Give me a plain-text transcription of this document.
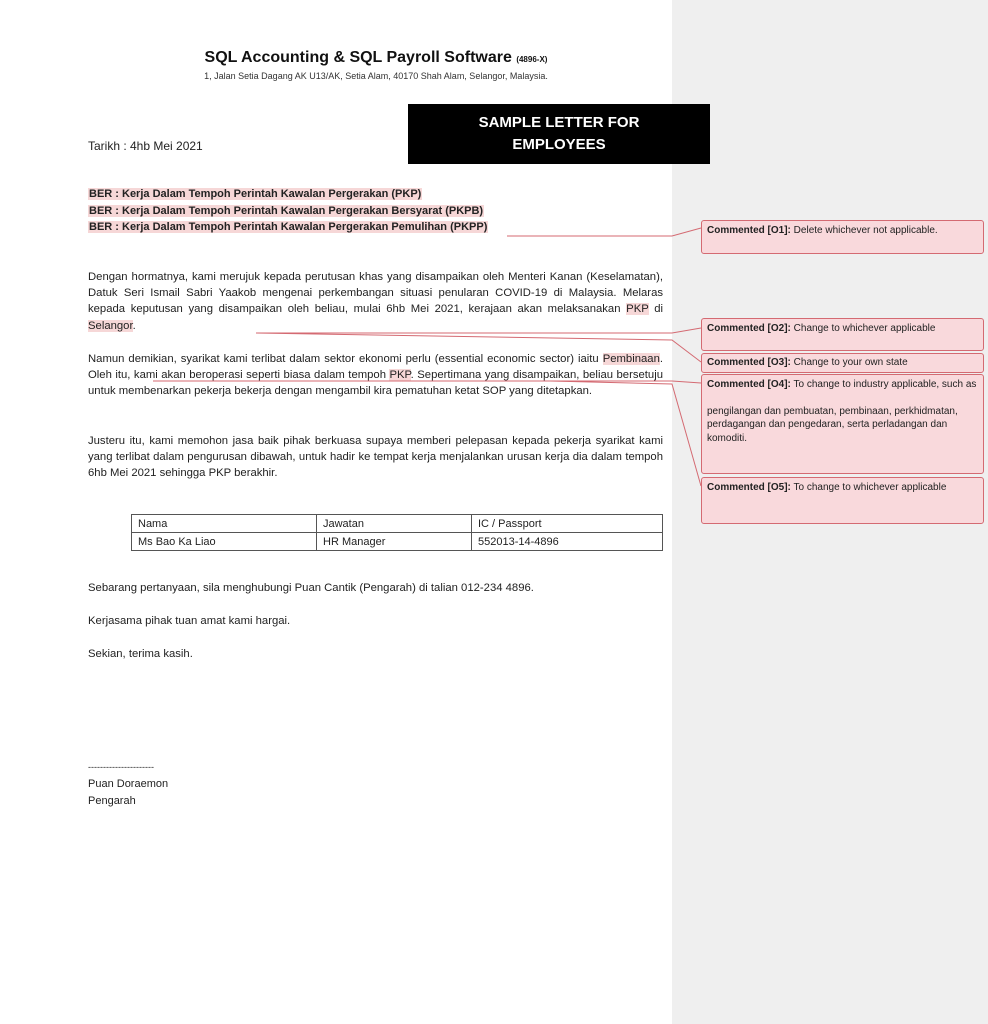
SQL Accounting & SQL Payroll Software (4896-X)
1, Jalan Setia Dagang AK U13/AK, Setia Alam, 40170 Shah Alam, Selangor, Malaysia.
SAMPLE LETTER FOR
EMPLOYEES
Tarikh : 4hb Mei 2021
BER : Kerja Dalam Tempoh Perintah Kawalan Pergerakan (PKP)
BER : Kerja Dalam Tempoh Perintah Kawalan Pergerakan Bersyarat (PKPB)
BER : Kerja Dalam Tempoh Perintah Kawalan Pergerakan Pemulihan (PKPP)
Dengan hormatnya, kami merujuk kepada perutusan khas yang disampaikan oleh Menteri Kanan (Keselamatan), Datuk Seri Ismail Sabri Yaakob mengenai perkembangan situasi penularan COVID-19 di Malaysia. Melaras kepada keputusan yang disampaikan oleh beliau, mulai 6hb Mei 2021, kerajaan akan melaksanakan PKP di Selangor.
Namun demikian, syarikat kami terlibat dalam sektor ekonomi perlu (essential economic sector) iaitu Pembinaan. Oleh itu, kami akan beroperasi seperti biasa dalam tempoh PKP. Sepertimana yang disampaikan, beliau bersetuju untuk membenarkan pekerja bekerja dengan mengambil kira pematuhan ketat SOP yang ditetapkan.
Justeru itu, kami memohon jasa baik pihak berkuasa supaya memberi pelepasan kepada pekerja syarikat kami yang terlibat dalam pengurusan dibawah, untuk hadir ke tempat kerja menjalankan urusan kerja dia dalam tempoh 6hb Mei 2021 sehingga PKP berakhir.
Nama	Jawatan	IC / Passport
Ms Bao Ka Liao	HR Manager	552013-14-4896
Sebarang pertanyaan, sila menghubungi Puan Cantik (Pengarah) di talian 012-234 4896.
Kerjasama pihak tuan amat kami hargai.
Sekian, terima kasih.
----------------------
Puan Doraemon
Pengarah
Commented [O1]: Delete whichever not applicable.
Commented [O2]: Change to whichever applicable
Commented [O3]: Change to your own state
Commented [O4]: To change to industry applicable, such as
pengilangan dan pembuatan, pembinaan, perkhidmatan, perdagangan dan pengedaran, serta perladangan dan komoditi.
Commented [O5]: To change to whichever applicable
